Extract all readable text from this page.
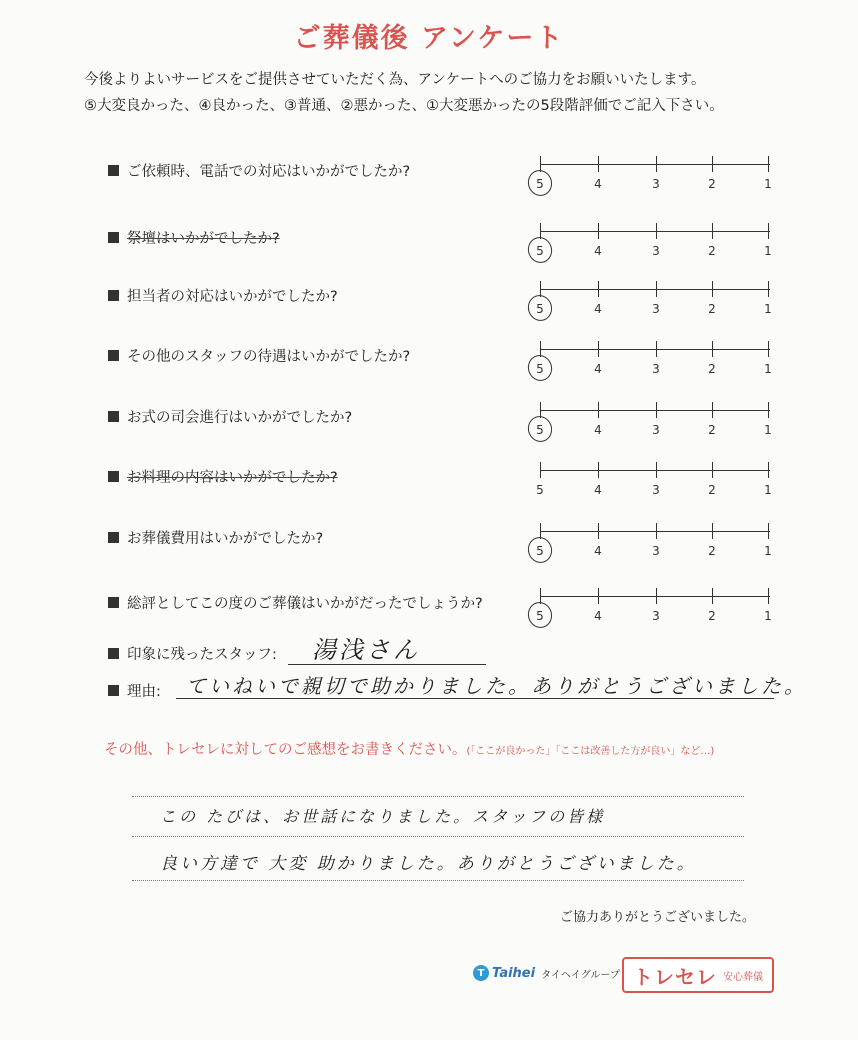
ご葬儀後 アンケート
今後よりよいサービスをご提供させていただく為、アンケートへのご協力をお願いいたします。
⑤大変良かった、④良かった、③普通、②悪かった、①大変悪かったの5段階評価でご記入下さい。
ご依頼時、電話での対応はいかがでしたか?
5	4	3	2	1
祭壇はいかがでしたか?
5	4	3	2	1
担当者の対応はいかがでしたか?
5	4	3	2	1
その他のスタッフの待遇はいかがでしたか?
5	4	3	2	1
お式の司会進行はいかがでしたか?
5	4	3	2	1
お料理の内容はいかがでしたか?
5	4	3	2	1
お葬儀費用はいかがでしたか?
5	4	3	2	1
総評としてこの度のご葬儀はいかがだったでしょうか?
5	4	3	2	1
印象に残ったスタッフ: 湯浅さん
理由: ていねいで親切で助かりました。ありがとうございました。
その他、トレセレに対してのご感想をお書きください。(「ここが良かった」「ここは改善した方が良い」など…)
この たびは、お世話になりました。スタッフの皆様
良い方達で 大変 助かりました。ありがとうございました。
ご協力ありがとうございました。
T Taihei タイヘイグループ トレセレ 安心葬儀
